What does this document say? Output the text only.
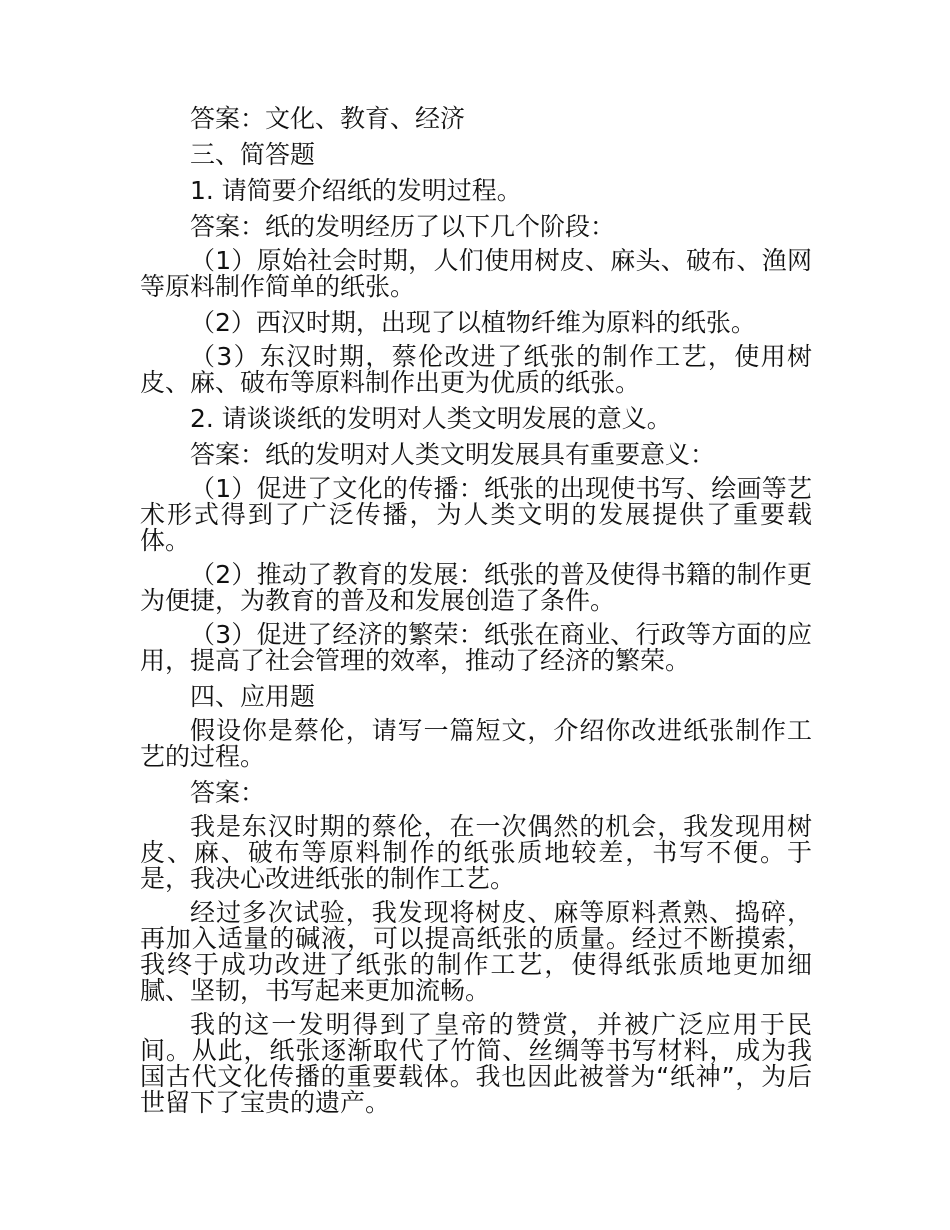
答案：文化、教育、经济

三、简答题

1. 请简要介绍纸的发明过程。

答案：纸的发明经历了以下几个阶段：

（1）原始社会时期，人们使用树皮、麻头、破布、渔网等原料制作简单的纸张。

（2）西汉时期，出现了以植物纤维为原料的纸张。

（3）东汉时期，蔡伦改进了纸张的制作工艺，使用树皮、麻、破布等原料制作出更为优质的纸张。

2. 请谈谈纸的发明对人类文明发展的意义。

答案：纸的发明对人类文明发展具有重要意义：

（1）促进了文化的传播：纸张的出现使书写、绘画等艺术形式得到了广泛传播，为人类文明的发展提供了重要载体。

（2）推动了教育的发展：纸张的普及使得书籍的制作更为便捷，为教育的普及和发展创造了条件。

（3）促进了经济的繁荣：纸张在商业、行政等方面的应用，提高了社会管理的效率，推动了经济的繁荣。

四、应用题

假设你是蔡伦，请写一篇短文，介绍你改进纸张制作工艺的过程。

答案：

我是东汉时期的蔡伦，在一次偶然的机会，我发现用树皮、麻、破布等原料制作的纸张质地较差，书写不便。于是，我决心改进纸张的制作工艺。

经过多次试验，我发现将树皮、麻等原料煮熟、捣碎，再加入适量的碱液，可以提高纸张的质量。经过不断摸索，我终于成功改进了纸张的制作工艺，使得纸张质地更加细腻、坚韧，书写起来更加流畅。

我的这一发明得到了皇帝的赞赏，并被广泛应用于民间。从此，纸张逐渐取代了竹简、丝绸等书写材料，成为我国古代文化传播的重要载体。我也因此被誉为“纸神”，为后世留下了宝贵的遗产。
